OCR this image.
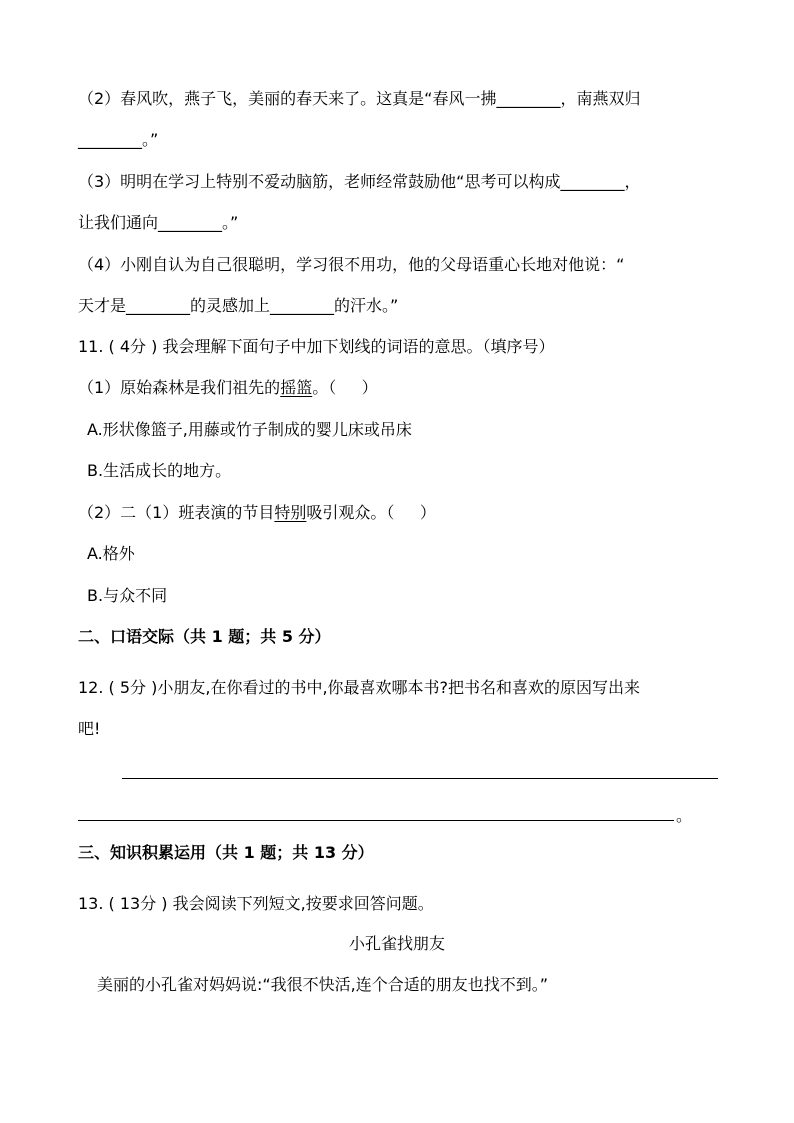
（2）春风吹，燕子飞，美丽的春天来了。这真是“春风一拂________，南燕双归
________。”
（3）明明在学习上特别不爱动脑筋，老师经常鼓励他“思考可以构成________，
让我们通向________。”
（4）小刚自认为自己很聪明，学习很不用功，他的父母语重心长地对他说：“
天才是________的灵感加上________的汗水。”
11. ( 4分 ) 我会理解下面句子中加下划线的词语的意思。（填序号）
（1）原始森林是我们祖先的摇篮。（     ）
A.形状像篮子,用藤或竹子制成的婴儿床或吊床
B.生活成长的地方。
（2）二（1）班表演的节目特别吸引观众。（     ）
A.格外
B.与众不同
二、口语交际（共 1 题；共 5 分）
12. ( 5分 )小朋友,在你看过的书中,你最喜欢哪本书?把书名和喜欢的原因写出来
吧!
。
三、知识积累运用（共 1 题；共 13 分）
13. ( 13分 ) 我会阅读下列短文,按要求回答问题。
小孔雀找朋友
美丽的小孔雀对妈妈说:“我很不快活,连个合适的朋友也找不到。”
